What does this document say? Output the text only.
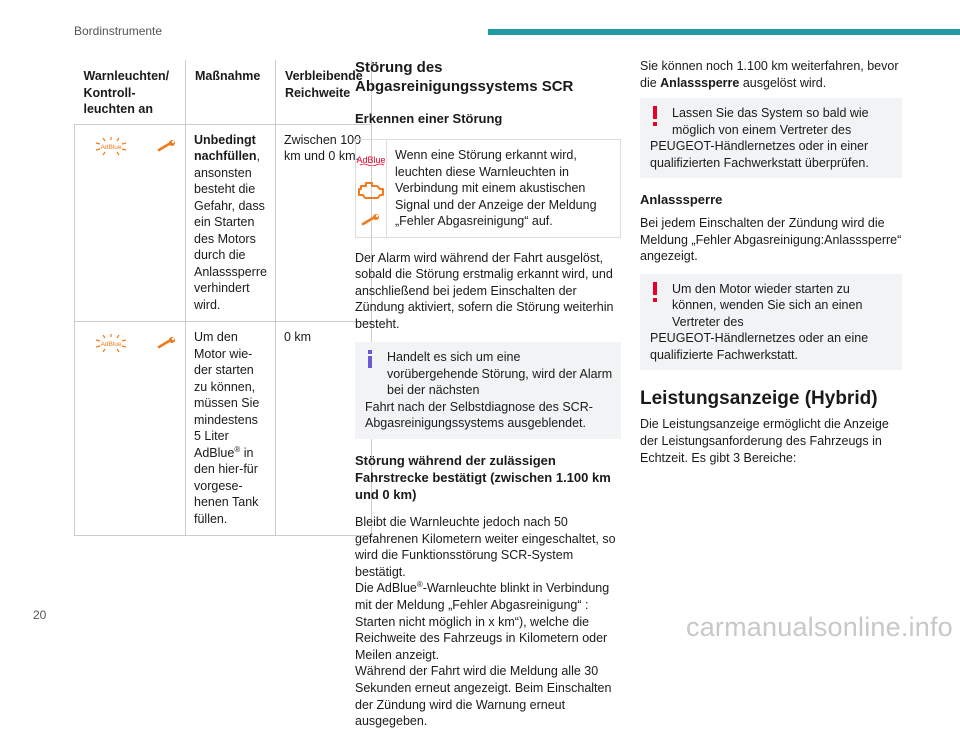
Bordinstrumente
Warnleuchten/ Kontroll-leuchten an	Maßnahme	Verbleibende Reichweite

AdBlue	Unbedingt nachfüllen, ansonsten besteht die Gefahr, dass ein Starten des Motors durch die Anlasssperre verhindert wird.	Zwischen 100 km und 0 km.

AdBlue	Um den Motor wie-der starten zu können, müssen Sie mindestens 5 Liter AdBlue® in den hier-für vorgese-henen Tank füllen.	0 km
Störung des Abgasreinigungssystems SCR
Erkennen einer Störung
AdBlue Wenn eine Störung erkannt wird, leuchten diese Warnleuchten in Verbindung mit einem akustischen Signal und der Anzeige der Meldung „Fehler Abgasreinigung“ auf.

Der Alarm wird während der Fahrt ausgelöst, sobald die Störung erstmalig erkannt wird, und anschließend bei jedem Einschalten der Zündung aktiviert, sofern die Störung weiterhin besteht.

Handelt es sich um eine vorübergehende Störung, wird der Alarm bei der nächsten
Fahrt nach der Selbstdiagnose des SCR-Abgasreinigungssystems ausgeblendet.
Störung während der zulässigen Fahrstrecke bestätigt (zwischen 1.100 km und 0 km)

Bleibt die Warnleuchte jedoch nach 50 gefahrenen Kilometern weiter eingeschaltet, so wird die Funktionsstörung SCR-System bestätigt.

Die AdBlue®-Warnleuchte blinkt in Verbindung mit der Meldung „Fehler Abgasreinigung“ : Starten nicht möglich in x km“), welche die Reichweite des Fahrzeugs in Kilometern oder Meilen anzeigt.

Während der Fahrt wird die Meldung alle 30 Sekunden erneut angezeigt. Beim Einschalten der Zündung wird die Warnung erneut ausgegeben.

Sie können noch 1.100 km weiterfahren, bevor die Anlasssperre ausgelöst wird.

Lassen Sie das System so bald wie möglich von einem Vertreter des
PEUGEOT-Händlernetzes oder in einer qualifizierten Fachwerkstatt überprüfen.
Anlasssperre

Bei jedem Einschalten der Zündung wird die Meldung „Fehler Abgasreinigung:Anlasssperre“ angezeigt.

Um den Motor wieder starten zu können, wenden Sie sich an einen Vertreter des
PEUGEOT-Händlernetzes oder an eine qualifizierte Fachwerkstatt.
Leistungsanzeige (Hybrid)

Die Leistungsanzeige ermöglicht die Anzeige der Leistungsanforderung des Fahrzeugs in Echtzeit. Es gibt 3 Bereiche:

20	carmanualsonline.info
